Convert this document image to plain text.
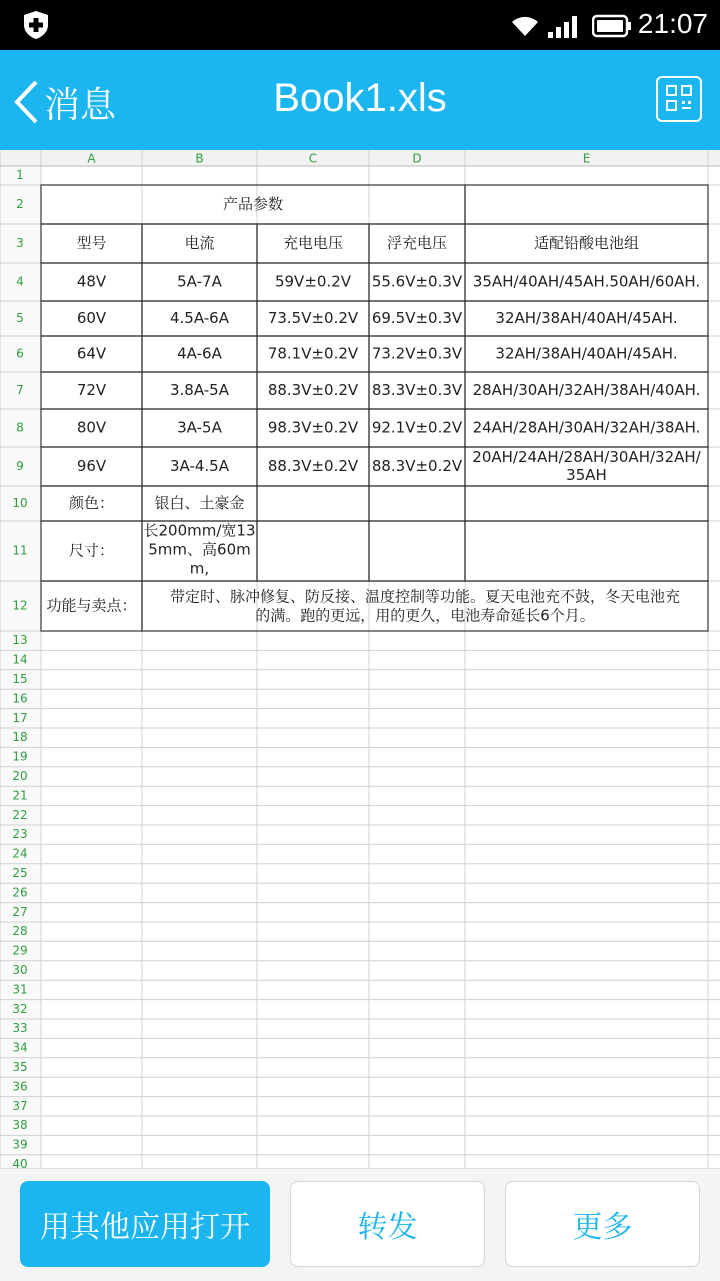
21:07
消息	Book1.xls
A	B	C	D	E
1
2
3
4
5
6
7
8
9
10
11
12
13
14
15
16
17
18
19
20
21
22
23
24
25
26
27
28
29
30
31
32
33
34
35
36
37
38
39
40
产品参数
型号	电流	充电电压	浮充电压	适配铅酸电池组
48V	5A-7A	59V±0.2V 55.6V±0.3V 35AH/40AH/45AH.50AH/60AH.
60V	4.5A-6A	73.5V±0.2V 69.5V±0.3V 32AH/38AH/40AH/45AH.
64V	4A-6A	78.1V±0.2V 73.2V±0.3V 32AH/38AH/40AH/45AH.
72V	3.8A-5A	88.3V±0.2V 83.3V±0.3V 28AH/30AH/32AH/38AH/40AH.
80V	3A-5A	98.3V±0.2V 92.1V±0.2V 24AH/28AH/30AH/32AH/38AH.
96V	3A-4.5A	88.3V±0.2V 88.3V±0.2V 20AH/24AH/28AH/30AH/32AH/
35AH
颜色：	银白、土豪金
尺寸：
长200mm/宽13
5mm、高60m
m,
功能与卖点： 带定时、脉冲修复、防反接、温度控制等功能。夏天电池充不鼓，冬天电池充
的满。跑的更远，用的更久，电池寿命延长6个月。
用其他应用打开	转发	更多
